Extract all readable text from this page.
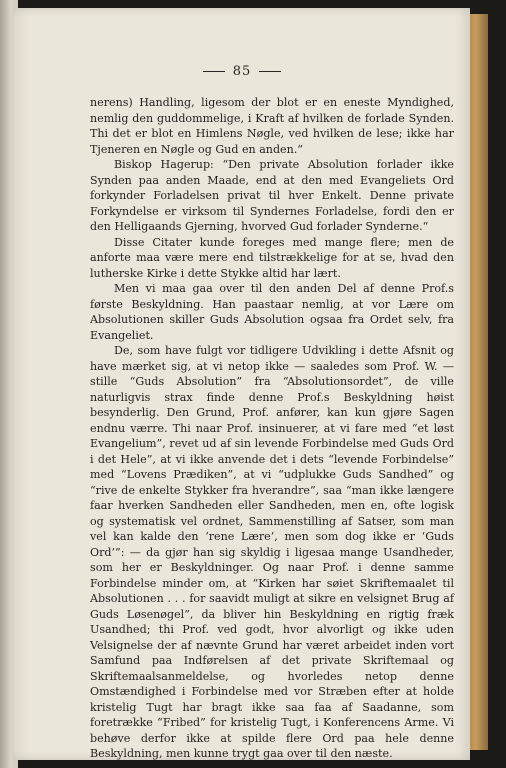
85

nerens) Handling, ligesom der blot er en eneste Myndighed, nemlig den guddommelige, i Kraft af hvilken de forlade Synden. Thi det er blot en Himlens Nøgle, ved hvilken de lese; ikke har Tjeneren en Nøgle og Gud en anden.“

Biskop Hagerup: “Den private Absolution forlader ikke Synden paa anden Maade, end at den med Evangeliets Ord forkynder Forladelsen privat til hver Enkelt. Denne private Forkyndelse er virksom til Syndernes Forladelse, fordi den er den Helligaands Gjerning, hvorved Gud forlader Synderne.“

Disse Citater kunde foreges med mange flere; men de anforte maa være mere end tilstrækkelige for at se, hvad den lutherske Kirke i dette Stykke altid har lært.

Men vi maa gaa over til den anden Del af denne Prof.s første Beskyldning. Han paastaar nemlig, at vor Lære om Absolutionen skiller Guds Absolution ogsaa fra Ordet selv, fra Evangeliet.

De, som have fulgt vor tidligere Udvikling i dette Afsnit og have mærket sig, at vi netop ikke — saaledes som Prof. W. — stille “Guds Absolution” fra “Absolutionsordet”, de ville naturligvis strax finde denne Prof.s Beskyldning høist besynderlig. Den Grund, Prof. anfører, kan kun gjøre Sagen endnu værre. Thi naar Prof. insinuerer, at vi fare med “et løst Evangelium”, revet ud af sin levende Forbindelse med Guds Ord i det Hele”, at vi ikke anvende det i dets “levende Forbindelse” med “Lovens Prædiken”, at vi “udplukke Guds Sandhed” og “rive de enkelte Stykker fra hverandre”, saa “man ikke længere faar hverken Sandheden eller Sandheden, men en, ofte logisk og systematisk vel ordnet, Sammenstilling af Satser, som man vel kan kalde den ‘rene Lære’, men som dog ikke er ‘Guds Ord’”: — da gjør han sig skyldig i ligesaa mange Usandheder, som her er Beskyldninger. Og naar Prof. i denne samme Forbindelse minder om, at “Kirken har søiet Skriftemaalet til Absolutionen . . . for saavidt muligt at sikre en velsignet Brug af Guds Løsenøgel”, da bliver hin Beskyldning en rigtig fræk Usandhed; thi Prof. ved godt, hvor alvorligt og ikke uden Velsignelse der af nævnte Grund har været arbeidet inden vort Samfund paa Indførelsen af det private Skriftemaal og Skriftemaalsanmeldelse, og hvorledes netop denne Omstændighed i Forbindelse med vor Stræben efter at holde kristelig Tugt har bragt ikke saa faa af Saadanne, som foretrække “Fribed” for kristelig Tugt, i Konferencens Arme. Vi behøve derfor ikke at spilde flere Ord paa hele denne Beskyldning, men kunne trygt gaa over til den næste.
